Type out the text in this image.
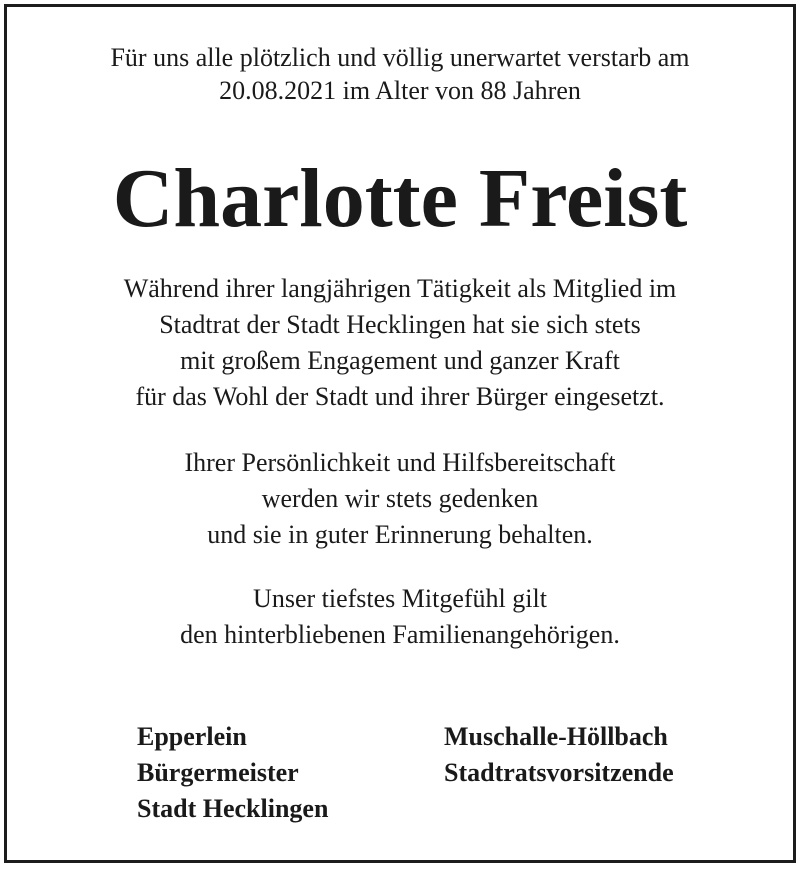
Für uns alle plötzlich und völlig unerwartet verstarb am
20.08.2021 im Alter von 88 Jahren
Charlotte Freist
Während ihrer langjährigen Tätigkeit als Mitglied im
Stadtrat der Stadt Hecklingen hat sie sich stets
mit großem Engagement und ganzer Kraft
für das Wohl der Stadt und ihrer Bürger eingesetzt.
Ihrer Persönlichkeit und Hilfsbereitschaft
werden wir stets gedenken
und sie in guter Erinnerung behalten.
Unser tiefstes Mitgefühl gilt
den hinterbliebenen Familienangehörigen.
Epperlein
Bürgermeister
Stadt Hecklingen
Muschalle-Höllbach
Stadtratsvorsitzende
